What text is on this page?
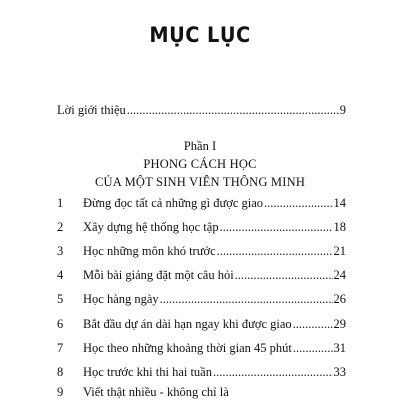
MỤC LỤC
Lời giới thiệu .....	9
Phần I
PHONG CÁCH HỌC
CỦA MỘT SINH VIÊN THÔNG MINH
1	Đừng đọc tất cả những gì được giao .....	14
2	Xây dựng hệ thống học tập .....	18
3	Học những môn khó trước .....	21
4	Mỗi bài giảng đặt một câu hỏi .....	24
5	Học hàng ngày .....	26
6	Bắt đầu dự án dài hạn ngay khi được giao .....	29
7	Học theo những khoảng thời gian 45 phút .....	31
8	Học trước khi thi hai tuần .....	33
9	Viết thật nhiều - không chỉ là
